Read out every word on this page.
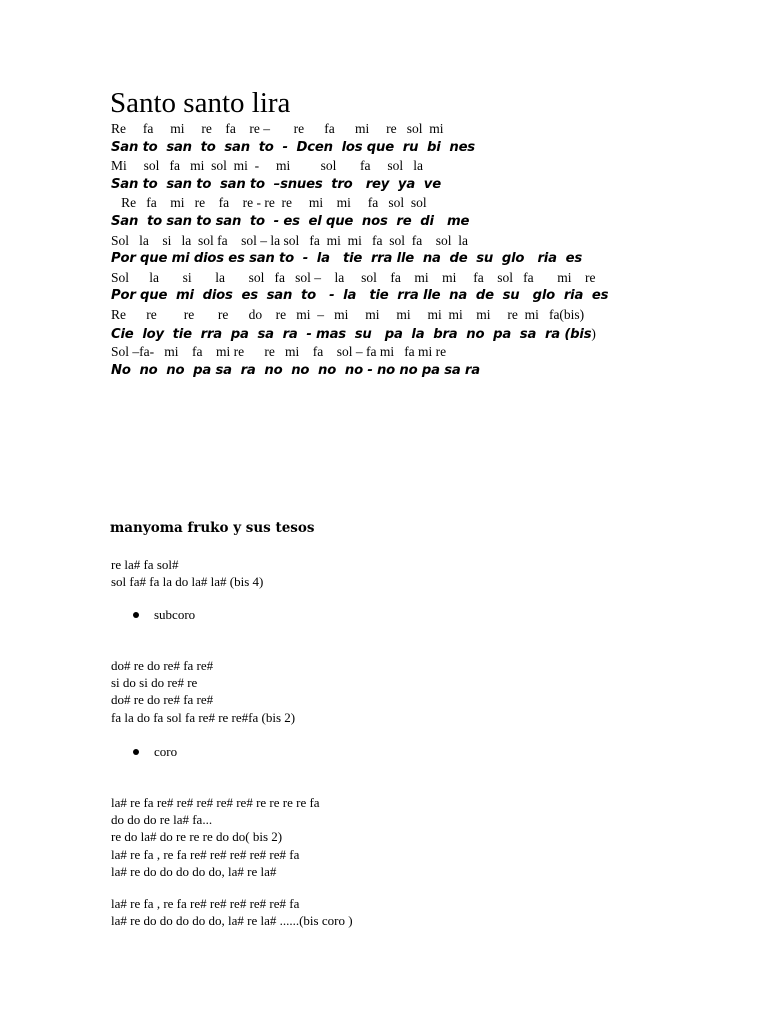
Santo santo lira
Re     fa     mi     re    fa    re –       re      fa      mi     re   sol  mi
San to  san  to  san  to  -  Dcen  los que  ru  bi  nes
Mi     sol   fa   mi  sol  mi  -     mi         sol       fa     sol   la
San to  san to  san to  –snues  tro   rey  ya  ve
Re   fa    mi   re    fa    re - re  re     mi    mi     fa   sol  sol
San  to san to san  to  - es  el que  nos  re  di   me
Sol   la    si   la  sol fa    sol – la sol   fa  mi  mi   fa  sol  fa    sol  la
Por que mi dios es san to  -  la   tie  rra lle  na  de  su  glo   ria  es
Sol      la       si       la       sol   fa   sol –    la     sol    fa    mi    mi     fa    sol   fa       mi    re
Por que  mi  dios  es  san  to   -  la   tie  rra lle  na  de  su   glo  ria  es
Re      re        re       re      do    re   mi  –   mi     mi     mi     mi  mi    mi     re  mi   fa(bis)
Cie  loy  tie  rra  pa  sa  ra  - mas  su   pa  la  bra  no  pa  sa  ra (bis)
Sol –fa-   mi    fa    mi re      re   mi    fa    sol – fa mi   fa mi re
No  no  no  pa sa  ra  no  no  no  no - no no pa sa ra
manyoma fruko y sus tesos
re la# fa sol#
sol fa# fa la do la# la# (bis 4)
subcoro
do# re do re# fa re#
si do si do re# re
do# re do re# fa re#
fa la do fa sol fa re# re re#fa (bis 2)
coro
la# re fa re# re# re# re# re# re re re re fa
do do do re la# fa...
re do la# do re re re do do( bis 2)
la# re fa , re fa re# re# re# re# re# fa
la# re do do do do do, la# re la#
la# re fa , re fa re# re# re# re# re# fa
la# re do do do do do, la# re la# ......(bis coro )
